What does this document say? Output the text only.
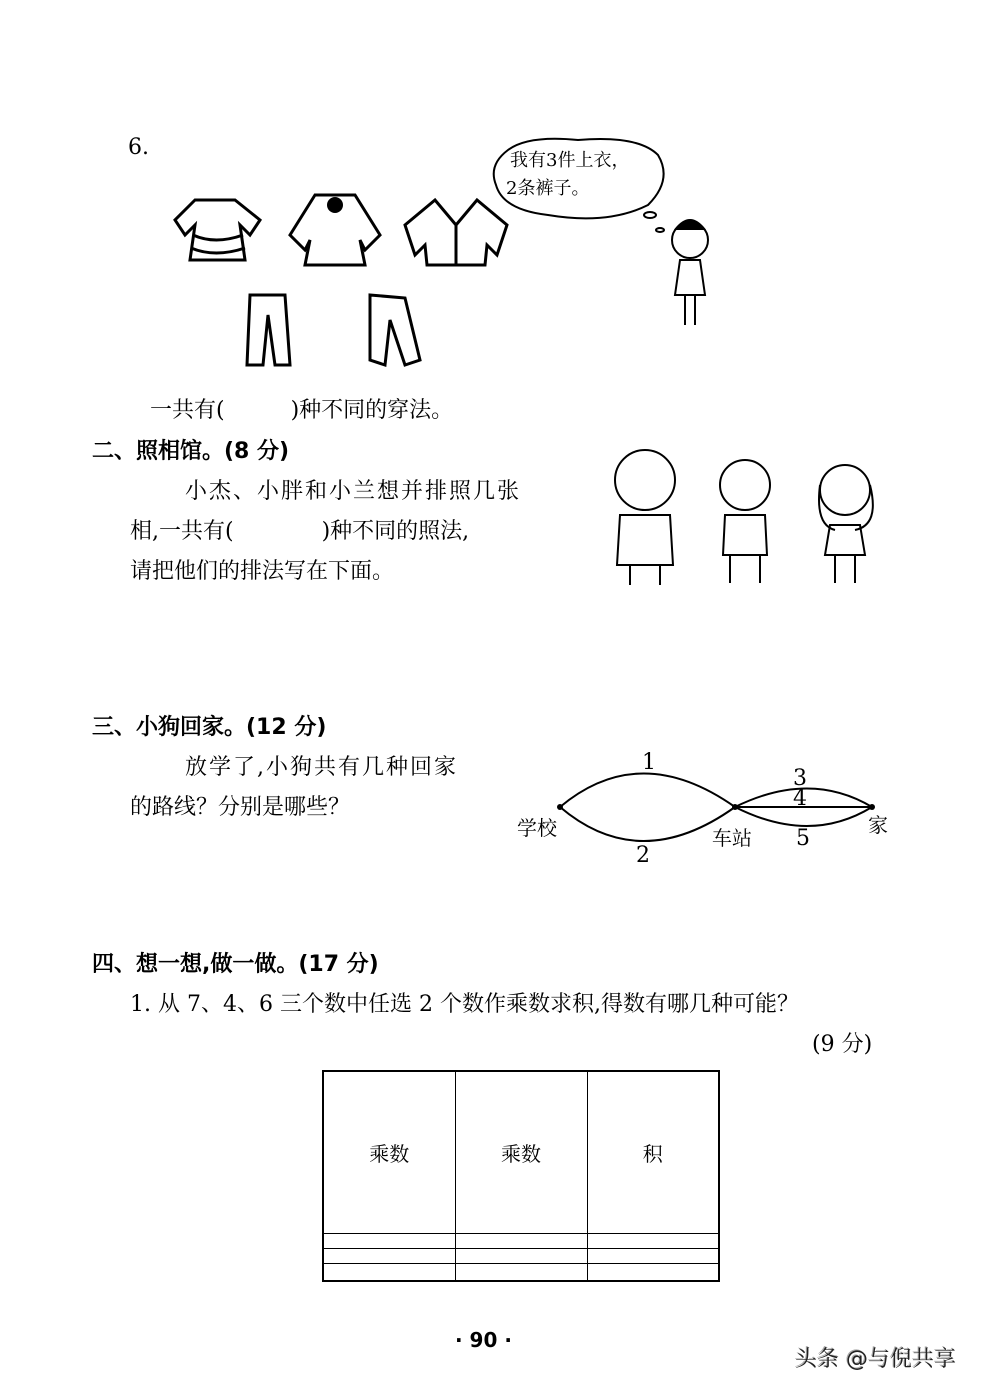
6.
我有3件上衣，
2条裤子。
一共有(　　　)种不同的穿法。
二、照相馆。(8 分)
小杰、小胖和小兰想并排照几张
相,一共有(　　　　)种不同的照法,
请把他们的排法写在下面。
三、小狗回家。(12 分)
放学了,小狗共有几种回家
的路线？分别是哪些？
学校	车站
家
1
2
3
4
5
四、想一想,做一做。(17 分)
1. 从 7、4、6 三个数中任选 2 个数作乘数求积,得数有哪几种可能？
(9 分)
乘数	乘数	积

· 90 ·
头条 @与倪共享
